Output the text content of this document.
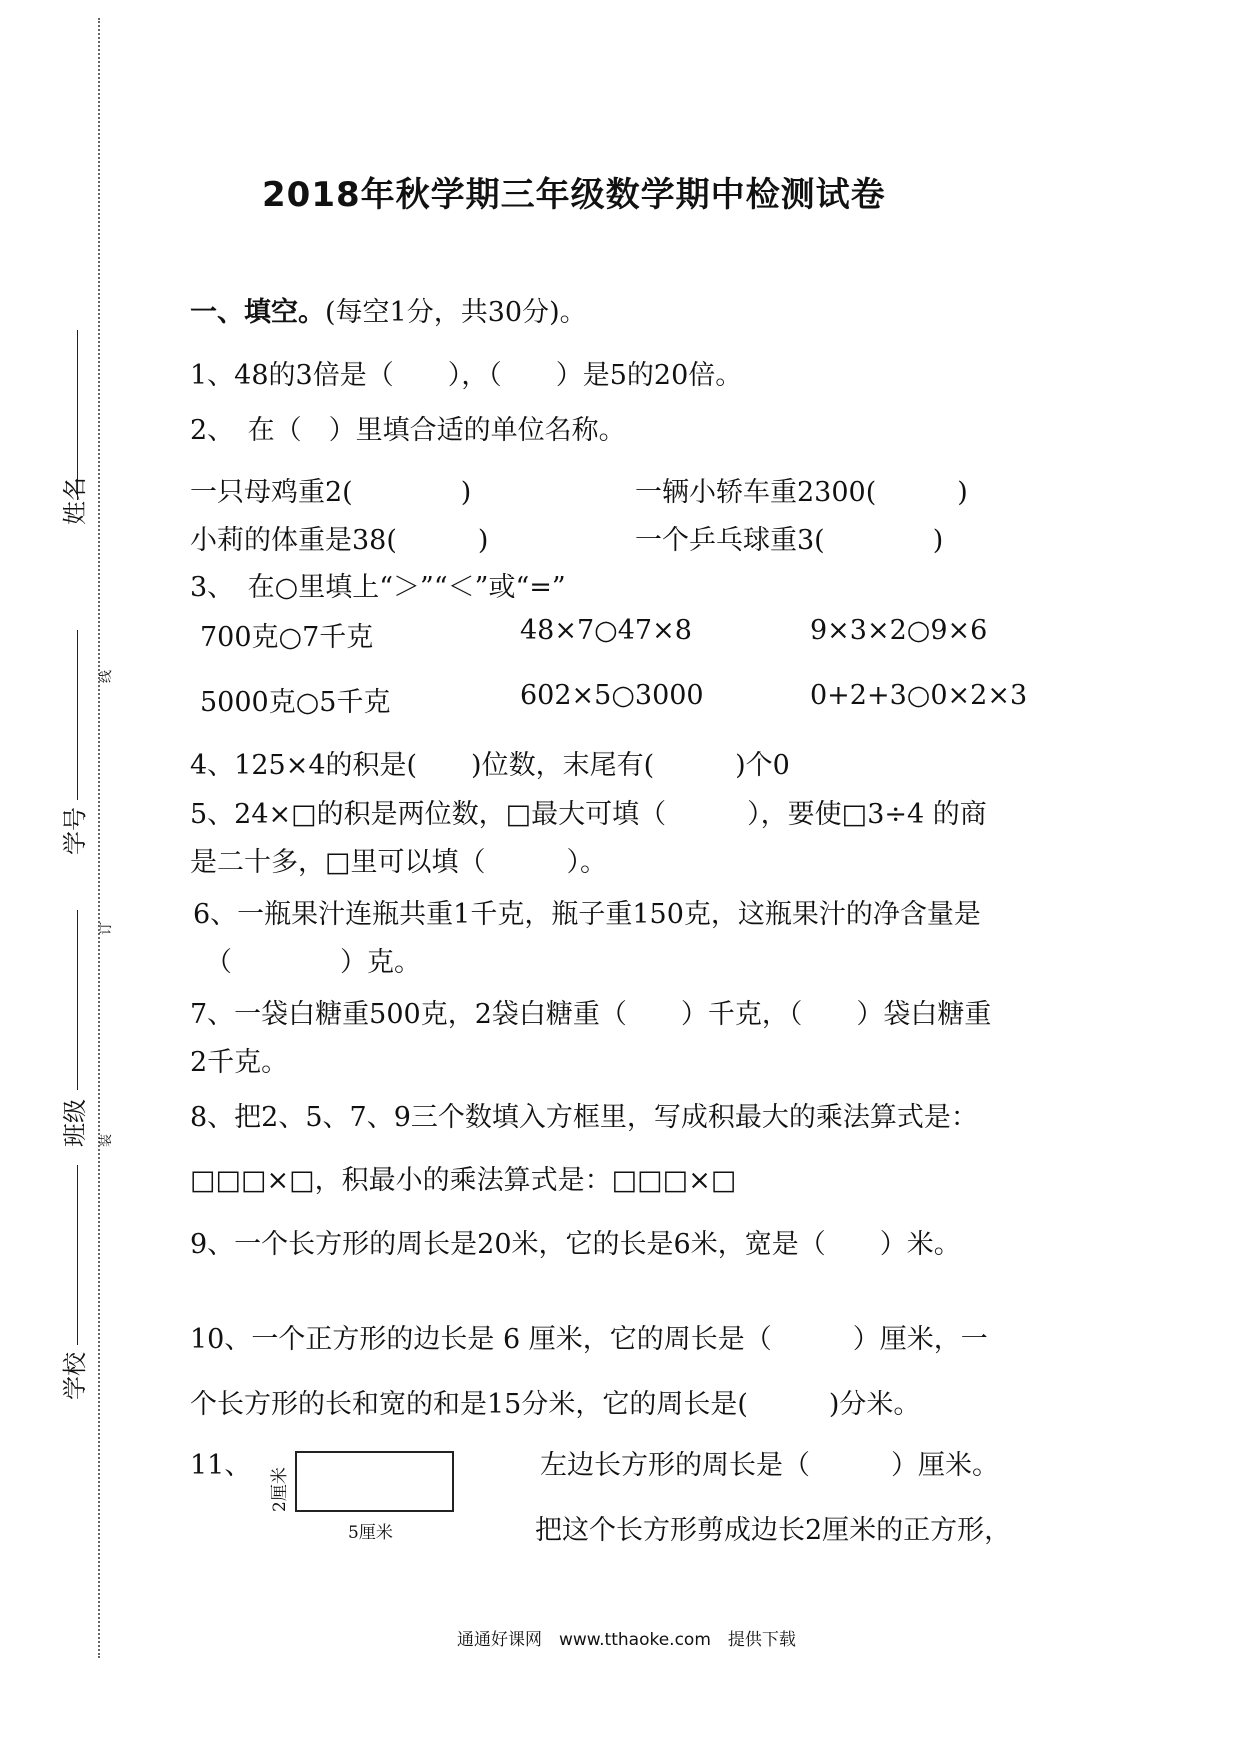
姓名
学号
班级
学校
线
订
装
2018年秋学期三年级数学期中检测试卷
一、填空。(每空1分，共30分)。
1、48的3倍是（　　），（　　）是5的20倍。
2、　在（　）里填合适的单位名称。
一只母鸡重2(　　　　)	一辆小轿车重2300(　　　)
小莉的体重是38(　　　)	一个乒乓球重3(　　　　)
3、　在○里填上“＞”“＜”或“=”
700克○7千克	48×7○47×8	9×3×2○9×6
5000克○5千克	602×5○3000	0+2+3○0×2×3
4、125×4的积是(　　)位数，末尾有(　　　)个0
5、24×□的积是两位数，□最大可填（　　　），要使□3÷4 的商
是二十多，□里可以填（　　　）。
6、一瓶果汁连瓶共重1千克，瓶子重150克，这瓶果汁的净含量是
（　　　　）克。
7、一袋白糖重500克，2袋白糖重（　　）千克，（　　）袋白糖重
2千克。
8、把2、5、7、9三个数填入方框里，写成积最大的乘法算式是：
□□□×□，积最小的乘法算式是：□□□×□
9、一个长方形的周长是20米，它的长是6米，宽是（　　）米。
10、一个正方形的边长是 6 厘米，它的周长是（　　　）厘米，一
个长方形的长和宽的和是15分米，它的周长是(　　　)分米。
11、
2厘米
5厘米
左边长方形的周长是（　　　）厘米。
把这个长方形剪成边长2厘米的正方形，
通通好课网　www.tthaoke.com　提供下载
